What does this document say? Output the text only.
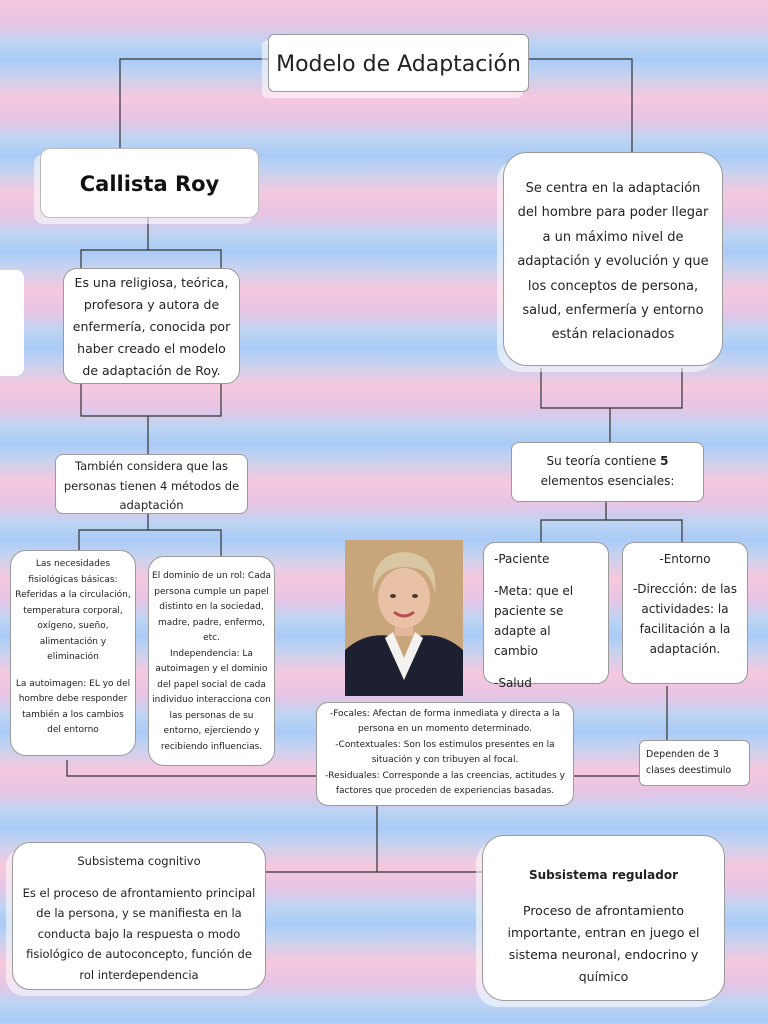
Modelo de Adaptación
Callista Roy

Es una religiosa, teórica, profesora y autora de enfermería, conocida por haber creado el modelo de adaptación de Roy.

Se centra en la adaptación del hombre para poder llegar a un máximo nivel de adaptación y evolución y que los conceptos de persona, salud, enfermería y entorno están relacionados

También considera que las personas tienen 4 métodos de adaptación

Su teoría contiene 5 elementos esenciales:

Las necesidades fisiológicas básicas: Referidas a la circulación, temperatura corporal, oxígeno, sueño, alimentación y eliminación

La autoimagen: EL yo del hombre debe responder también a los cambios del entorno

El dominio de un rol: Cada persona cumple un papel distinto en la sociedad, madre, padre, enfermo, etc.

Independencia: La autoimagen y el dominio del papel social de cada individuo interacciona con las personas de su entorno, ejerciendo y recibiendo influencias.

-Paciente

-Meta: que el paciente se adapte al cambio

-Salud

-Entorno

-Dirección: de las actividades: la facilitación a la adaptación.

-Focales: Afectan de forma inmediata y directa a la persona en un momento determinado.

-Contextuales: Son los estimulos presentes en la situación y con tribuyen al focal.

-Residuales: Corresponde a las creencias, actitudes y factores que proceden de experiencias basadas.

Dependen de 3 clases deestimulo

Subsistema cognitivo

Es el proceso de afrontamiento principal de la persona, y se manifiesta en la conducta bajo la respuesta o modo fisiológico de autoconcepto, función de rol interdependencia

Subsistema regulador

Proceso de afrontamiento importante, entran en juego el sistema neuronal, endocrino y químico
